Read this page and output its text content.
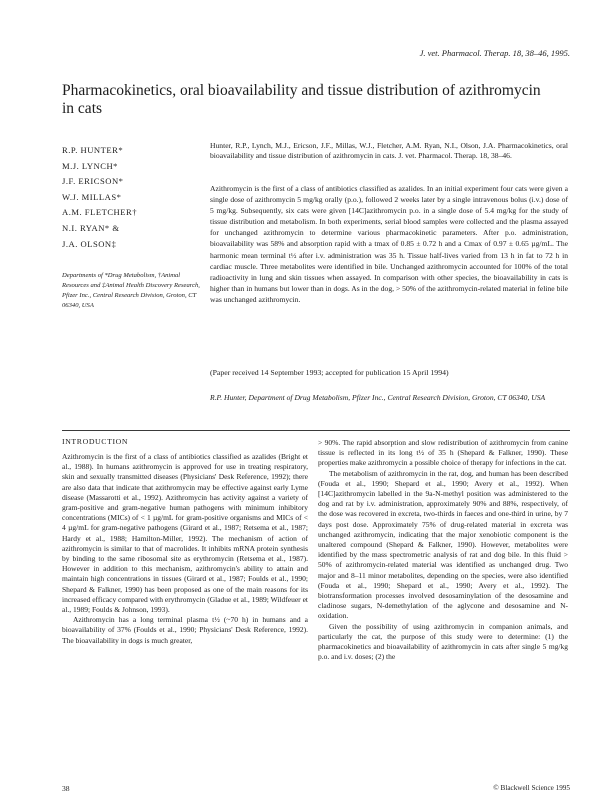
J. vet. Pharmacol. Therap. 18, 38–46, 1995.
Pharmacokinetics, oral bioavailability and tissue distribution of azithromycin in cats
R.P. HUNTER*
M.J. LYNCH*
J.F. ERICSON*
W.J. MILLAS*
A.M. FLETCHER†
N.I. RYAN* &
J.A. OLSON‡
Departments of *Drug Metabolism, †Animal Resources and ‡Animal Health Discovery Research, Pfizer Inc., Central Research Division, Groton, CT 06340, USA
Hunter, R.P., Lynch, M.J., Ericson, J.F., Millas, W.J., Fletcher, A.M. Ryan, N.I., Olson, J.A. Pharmacokinetics, oral bioavailability and tissue distribution of azithromycin in cats. J. vet. Pharmacol. Therap. 18, 38–46.
Azithromycin is the first of a class of antibiotics classified as azalides. In an initial experiment four cats were given a single dose of azithromycin 5 mg/kg orally (p.o.), followed 2 weeks later by a single intravenous bolus (i.v.) dose of 5 mg/kg. Subsequently, six cats were given [14C]azithromycin p.o. in a single dose of 5.4 mg/kg for the study of tissue distribution and metabolism. In both experiments, serial blood samples were collected and the plasma assayed for unchanged azithromycin to determine various pharmacokinetic parameters. After p.o. administration, bioavailability was 58% and absorption rapid with a tmax of 0.85 ± 0.72 h and a Cmax of 0.97 ± 0.65 µg/mL. The harmonic mean terminal t½ after i.v. administration was 35 h. Tissue half-lives varied from 13 h in fat to 72 h in cardiac muscle. Three metabolites were identified in bile. Unchanged azithromycin accounted for 100% of the total radioactivity in lung and skin tissues when assayed. In comparison with other species, the bioavailability in cats is higher than in humans but lower than in dogs. As in the dog, > 50% of the azithromycin-related material in feline bile was unchanged azithromycin.
(Paper received 14 September 1993; accepted for publication 15 April 1994)
R.P. Hunter, Department of Drug Metabolism, Pfizer Inc., Central Research Division, Groton, CT 06340, USA
INTRODUCTION

Azithromycin is the first of a class of antibiotics classified as azalides (Bright et al., 1988). In humans azithromycin is approved for use in treating respiratory, skin and sexually transmitted diseases (Physicians' Desk Reference, 1992); there are also data that indicate that azithromycin may be effective against early Lyme disease (Massarotti et al., 1992). Azithromycin has activity against a variety of gram-positive and gram-negative human pathogens with minimum inhibitory concentrations (MICs) of < 1 µg/mL for gram-positive organisms and MICs of < 4 µg/mL for gram-negative pathogens (Girard et al., 1987; Retsema et al., 1987; Hardy et al., 1988; Hamilton-Miller, 1992). The mechanism of action of azithromycin is similar to that of macrolides. It inhibits mRNA protein synthesis by binding to the same ribosomal site as erythromycin (Retsema et al., 1987). However in addition to this mechanism, azithromycin's ability to attain and maintain high concentrations in tissues (Girard et al., 1987; Foulds et al., 1990; Shepard & Falkner, 1990) has been proposed as one of the main reasons for its increased efficacy compared with erythromycin (Gladue et al., 1989; Wildfeuer et al., 1989; Foulds & Johnson, 1993).

Azithromycin has a long terminal plasma t½ (~70 h) in humans and a bioavailability of 37% (Foulds et al., 1990; Physicians' Desk Reference, 1992). The bioavailability in dogs is much greater,

> 90%. The rapid absorption and slow redistribution of azithromycin from canine tissue is reflected in its long t½ of 35 h (Shepard & Falkner, 1990). These properties make azithromycin a possible choice of therapy for infections in the cat.

The metabolism of azithromycin in the rat, dog, and human has been described (Fouda et al., 1990; Shepard et al., 1990; Avery et al., 1992). When [14C]azithromycin labelled in the 9a-N-methyl position was administered to the dog and rat by i.v. administration, approximately 90% and 88%, respectively, of the dose was recovered in excreta, two-thirds in faeces and one-third in urine, by 7 days post dose. Approximately 75% of drug-related material in excreta was unchanged azithromycin, indicating that the major xenobiotic component is the unaltered compound (Shepard & Falkner, 1990). However, metabolites were identified by the mass spectrometric analysis of rat and dog bile. In this fluid > 50% of azithromycin-related material was identified as unchanged drug. Two major and 8–11 minor metabolites, depending on the species, were also identified (Fouda et al., 1990; Shepard et al., 1990; Avery et al., 1992). The biotransformation processes involved desosaminylation of the desosamine and cladinose sugars, N-demethylation of the aglycone and desosamine and N-oxidation.

Given the possibility of using azithromycin in companion animals, and particularly the cat, the purpose of this study were to determine: (1) the pharmacokinetics and bioavailability of azithromycin in cats after single 5 mg/kg p.o. and i.v. doses; (2) the

38	© Blackwell Science 1995
